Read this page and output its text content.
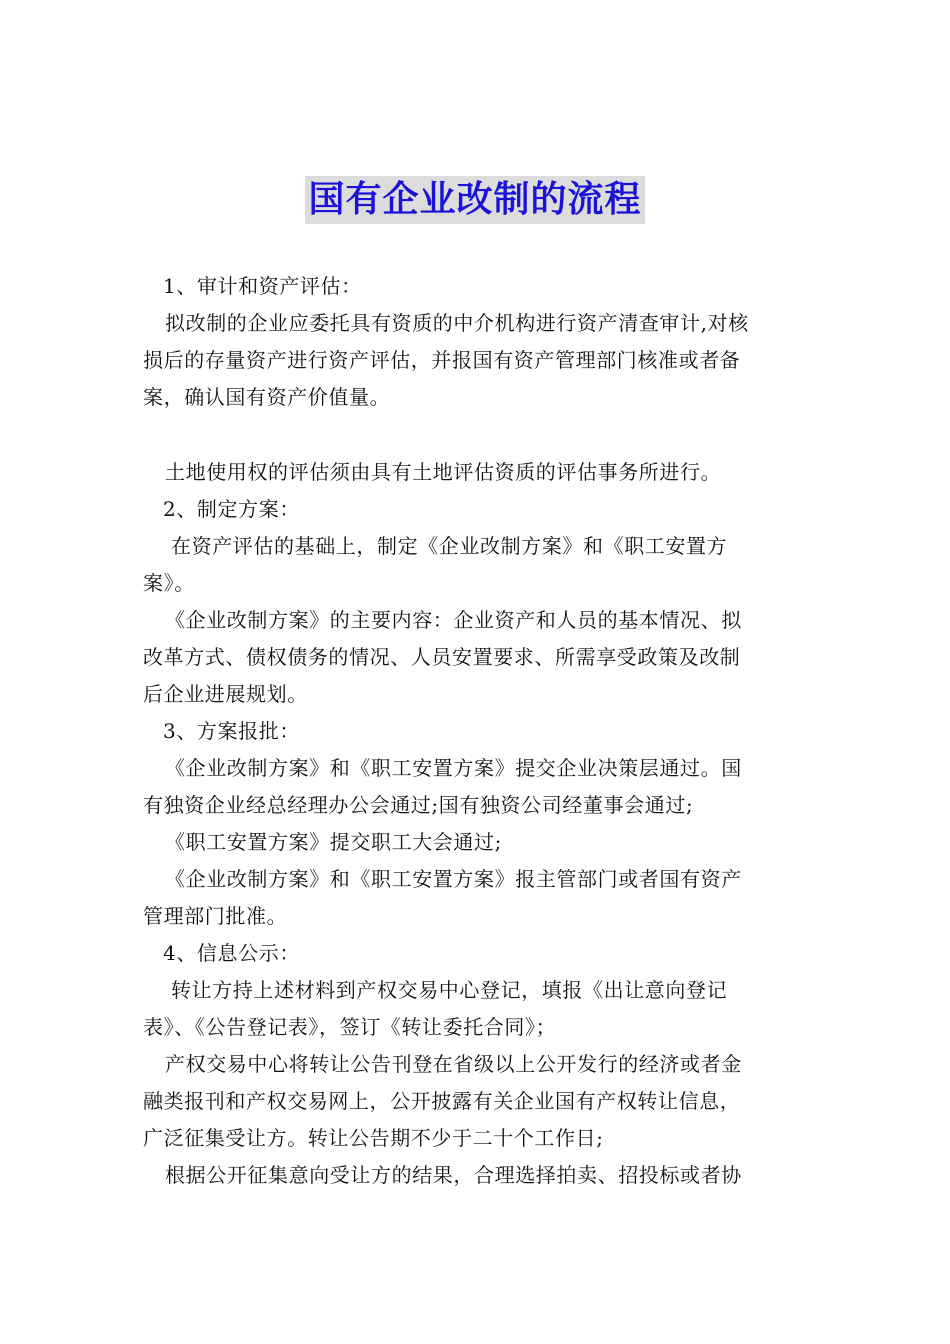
国有企业改制的流程
1、审计和资产评估：
拟改制的企业应委托具有资质的中介机构进行资产清查审计,对核
损后的存量资产进行资产评估，并报国有资产管理部门核准或者备
案，确认国有资产价值量。
土地使用权的评估须由具有土地评估资质的评估事务所进行。
2、制定方案：
在资产评估的基础上，制定《企业改制方案》和《职工安置方
案》。
《企业改制方案》的主要内容：企业资产和人员的基本情况、拟
改革方式、债权债务的情况、人员安置要求、所需享受政策及改制
后企业进展规划。
3、方案报批：
《企业改制方案》和《职工安置方案》提交企业决策层通过。国
有独资企业经总经理办公会通过;国有独资公司经董事会通过;
《职工安置方案》提交职工大会通过;
《企业改制方案》和《职工安置方案》报主管部门或者国有资产
管理部门批准。
4、信息公示：
转让方持上述材料到产权交易中心登记，填报《出让意向登记
表》、《公告登记表》，签订《转让委托合同》；
产权交易中心将转让公告刊登在省级以上公开发行的经济或者金
融类报刊和产权交易网上，公开披露有关企业国有产权转让信息，
广泛征集受让方。转让公告期不少于二十个工作日;
根据公开征集意向受让方的结果，合理选择拍卖、招投标或者协
